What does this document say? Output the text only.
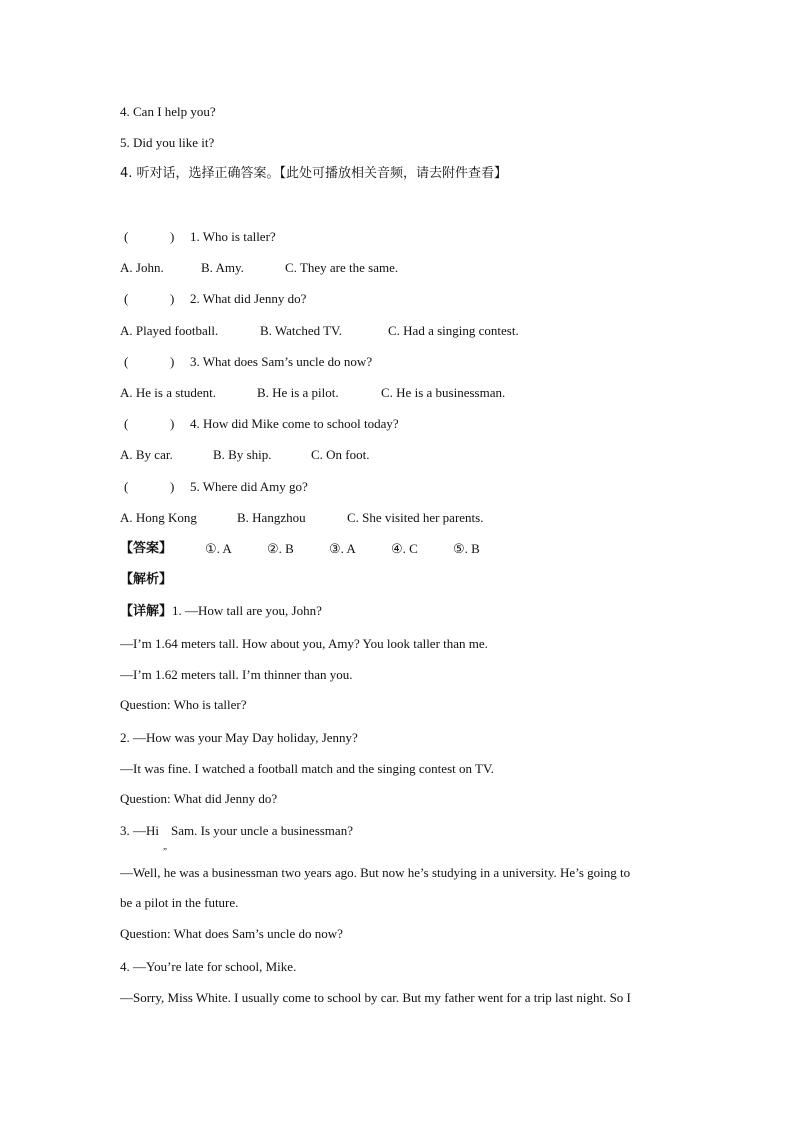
4. Can I help you?
5. Did you like it?
4. 听对话，选择正确答案。【此处可播放相关音频，请去附件查看】
(	) 1. Who is taller?
A. John.	B. Amy.	C. They are the same.
(	) 2. What did Jenny do?
A. Played football.	B. Watched TV.	C. Had a singing contest.
(	) 3. What does Sam’s uncle do now?
A. He is a student.	B. He is a pilot.	C. He is a businessman.
(	) 4. How did Mike come to school today?
A. By car.	B. By ship.	C. On foot.
(	) 5. Where did Amy go?
A. Hong Kong	B. Hangzhou	C. She visited her parents.
【答案】	①. A	②. B	③. A	④. C	⑤. B
【解析】
【详解】1. —How tall are you, John?
—I’m 1.64 meters tall. How about you, Amy? You look taller than me.
—I’m 1.62 meters tall. I’m thinner than you.
Question: Who is taller?
2. —How was your May Day holiday, Jenny?
—It was fine. I watched a football match and the singing contest on TV.
Question: What did Jenny do?
3. —Hi Sam. Is your uncle a businessman?
„
—Well, he was a businessman two years ago. But now he’s studying in a university. He’s going to
be a pilot in the future.
Question: What does Sam’s uncle do now?
4. —You’re late for school, Mike.
—Sorry, Miss White. I usually come to school by car. But my father went for a trip last night. So I
